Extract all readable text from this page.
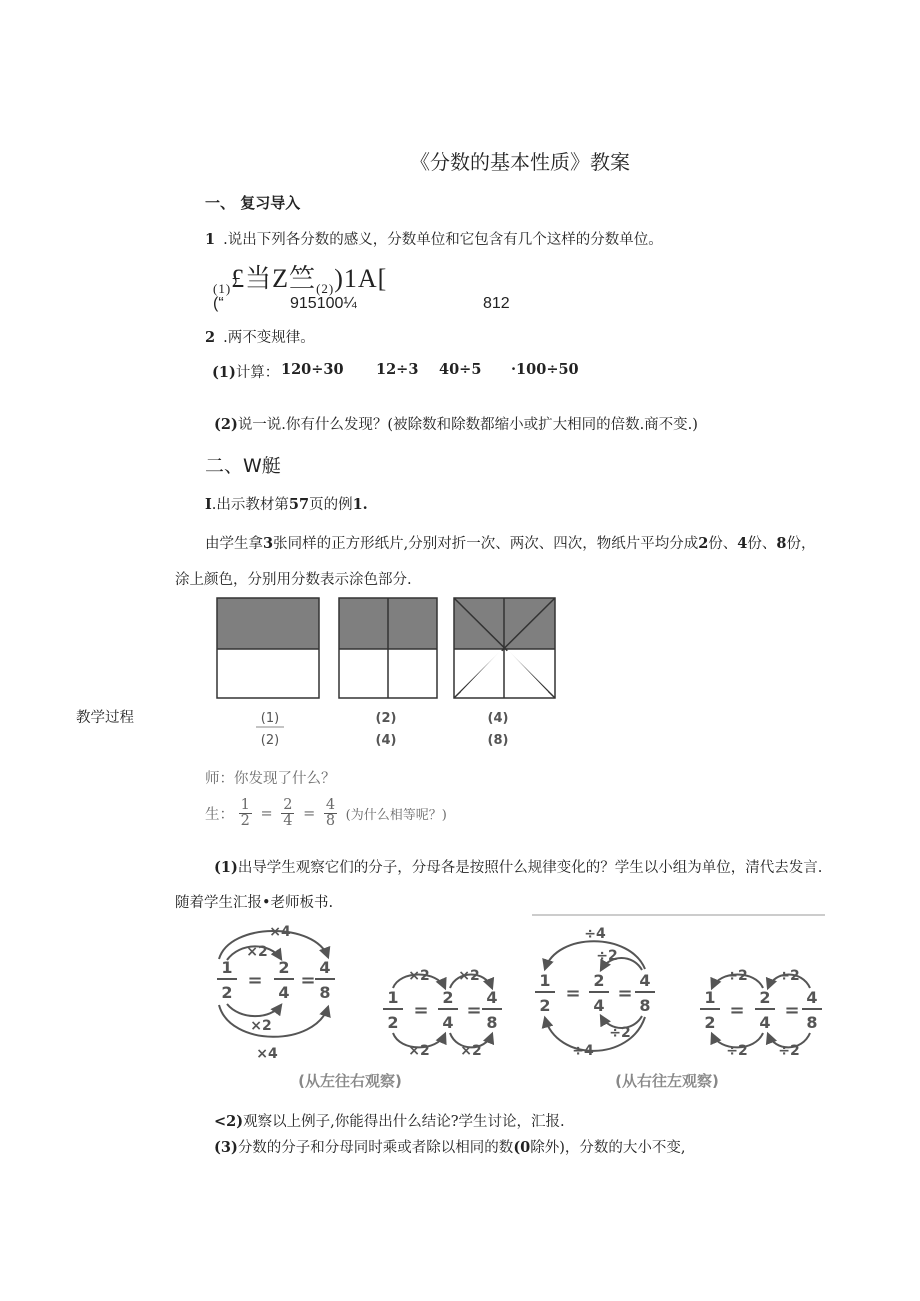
《分数的基本性质》教案
一、 复习导入
1 .说出下列各分数的感义，分数单位和它包含有几个这样的分数单位。
$_{(1)}$£当Z竺$_{(2)}$)1A[
(“	915100¼	812
2 .两不变规律。
(1)计算： 120÷30 12÷3 40÷5 ·100÷50
(2)说一说.你有什么发现？(被除数和除数都缩小或扩大相同的倍数.商不变.)
二、W艇
I.出示教材第57页的例1.
由学生拿3张同样的正方形纸片,分别对折一次、两次、四次，物纸片平均分成2份、4份、8份，
涂上颜色，分别用分数表示涂色部分.
(1)
(2)
(2)
(4)
(4)
(8)
教学过程
师：你发现了什么？
生： $\frac{1}{2} = \frac{2}{4} = \frac{4}{8}$ (为什么相等呢？)
(1)出导学生观察它们的分子，分母各是按照什么规律变化的？学生以小组为单位，清代去发言.
随着学生汇报•老师板书.
1
2
=
2
4
=
4
8
×4
×2
×2
×4
1
2
=
2
4
=
4
8
×2 ×2
×2 ×2
1
2
=
2
4
=
4
8
÷4
÷2
÷2
÷4
1
2
=
2
4
=
4
8
÷2 ÷2
÷2 ÷2
(从左往右观察)	(从右往左观察)
<2)观察以上例子,你能得出什么结论?学生讨论，汇报.
(3)分数的分子和分母同时乘或者除以相同的数(0除外)，分数的大小不变,
